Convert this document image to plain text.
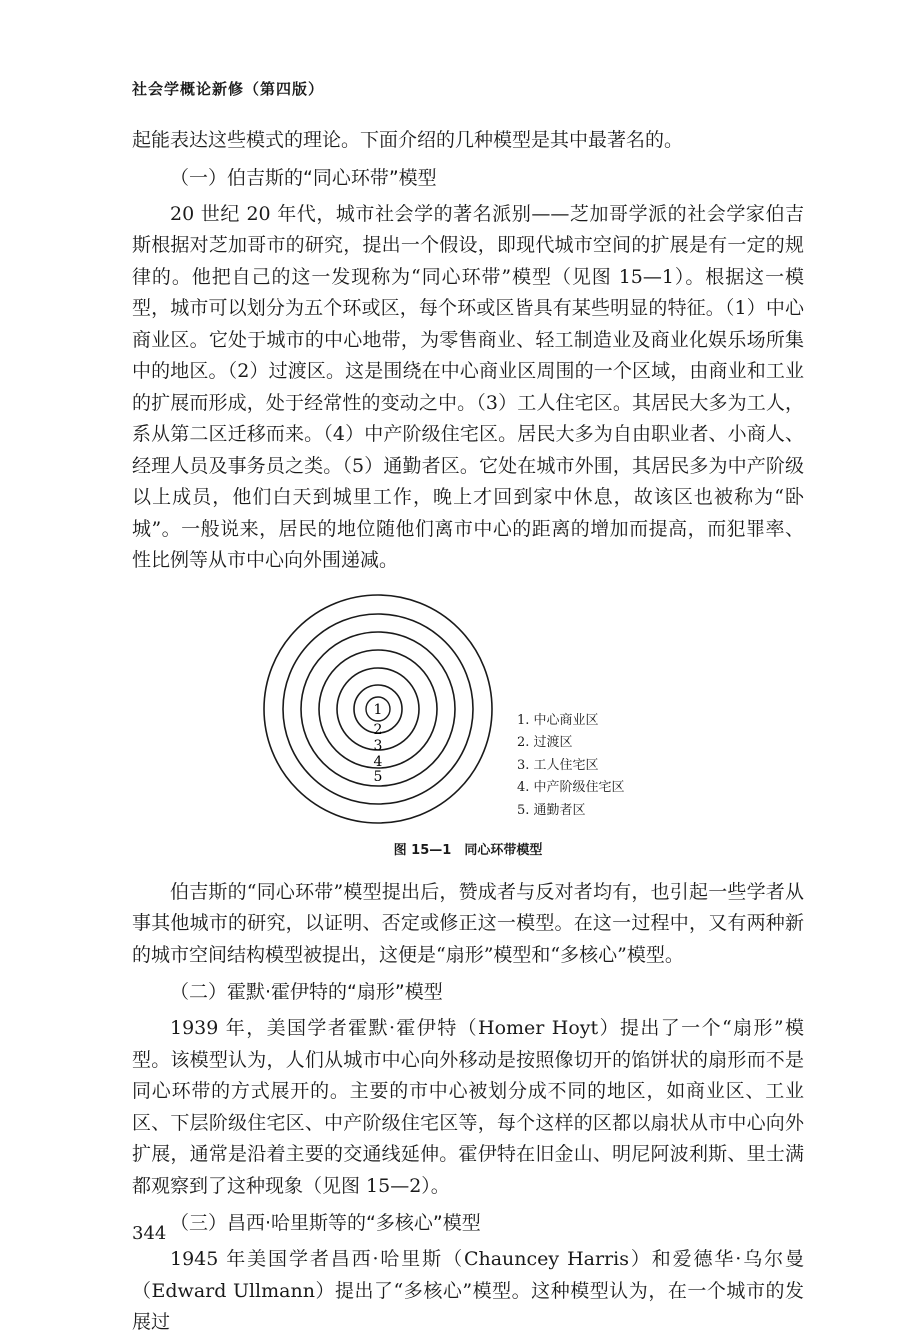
社会学概论新修（第四版）

起能表达这些模式的理论。下面介绍的几种模型是其中最著名的。

（一）伯吉斯的“同心环带”模型

20 世纪 20 年代，城市社会学的著名派别——芝加哥学派的社会学家伯吉斯根据对芝加哥市的研究，提出一个假设，即现代城市空间的扩展是有一定的规律的。他把自己的这一发现称为“同心环带”模型（见图 15—1）。根据这一模型，城市可以划分为五个环或区，每个环或区皆具有某些明显的特征。（1）中心商业区。它处于城市的中心地带，为零售商业、轻工制造业及商业化娱乐场所集中的地区。（2）过渡区。这是围绕在中心商业区周围的一个区域，由商业和工业的扩展而形成，处于经常性的变动之中。（3）工人住宅区。其居民大多为工人，系从第二区迁移而来。（4）中产阶级住宅区。居民大多为自由职业者、小商人、经理人员及事务员之类。（5）通勤者区。它处在城市外围，其居民多为中产阶级以上成员，他们白天到城里工作，晚上才回到家中休息，故该区也被称为“卧城”。一般说来，居民的地位随他们离市中心的距离的增加而提高，而犯罪率、性比例等从市中心向外围递减。

1
2
3
4
5
1. 中心商业区
2. 过渡区
3. 工人住宅区
4. 中产阶级住宅区
5. 通勤者区
图 15—1　同心环带模型

伯吉斯的“同心环带”模型提出后，赞成者与反对者均有，也引起一些学者从事其他城市的研究，以证明、否定或修正这一模型。在这一过程中，又有两种新的城市空间结构模型被提出，这便是“扇形”模型和“多核心”模型。

（二）霍默·霍伊特的“扇形”模型

1939 年，美国学者霍默·霍伊特（Homer Hoyt）提出了一个“扇形”模型。该模型认为，人们从城市中心向外移动是按照像切开的馅饼状的扇形而不是同心环带的方式展开的。主要的市中心被划分成不同的地区，如商业区、工业区、下层阶级住宅区、中产阶级住宅区等，每个这样的区都以扇状从市中心向外扩展，通常是沿着主要的交通线延伸。霍伊特在旧金山、明尼阿波利斯、里士满都观察到了这种现象（见图 15—2）。

（三）昌西·哈里斯等的“多核心”模型

1945 年美国学者昌西·哈里斯（Chauncey Harris）和爱德华·乌尔曼（Edward Ullmann）提出了“多核心”模型。这种模型认为，在一个城市的发展过

344
